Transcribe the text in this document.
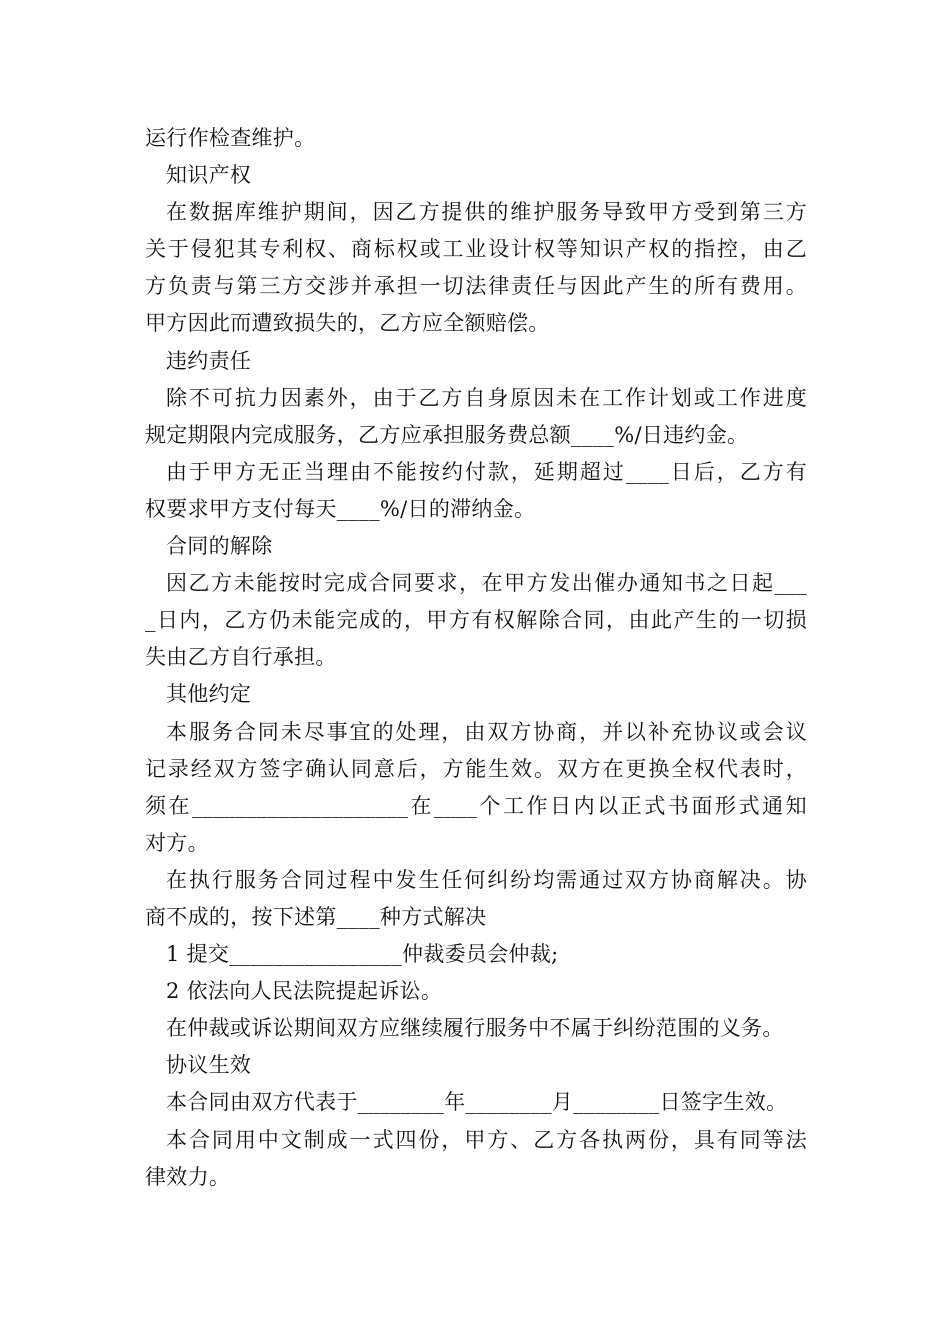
运行作检查维护。
知识产权
在数据库维护期间，因乙方提供的维护服务导致甲方受到第三方
关于侵犯其专利权、商标权或工业设计权等知识产权的指控，由乙
方负责与第三方交涉并承担一切法律责任与因此产生的所有费用。
甲方因此而遭致损失的，乙方应全额赔偿。
违约责任
除不可抗力因素外，由于乙方自身原因未在工作计划或工作进度
规定期限内完成服务，乙方应承担服务费总额____%/日违约金。
由于甲方无正当理由不能按约付款，延期超过____日后，乙方有
权要求甲方支付每天____%/日的滞纳金。
合同的解除
因乙方未能按时完成合同要求，在甲方发出催办通知书之日起___
_日内，乙方仍未能完成的，甲方有权解除合同，由此产生的一切损
失由乙方自行承担。
其他约定
本服务合同未尽事宜的处理，由双方协商，并以补充协议或会议
记录经双方签字确认同意后，方能生效。双方在更换全权代表时，
须在____________________在____个工作日内以正式书面形式通知
对方。
在执行服务合同过程中发生任何纠纷均需通过双方协商解决。协
商不成的，按下述第____种方式解决
1 提交________________仲裁委员会仲裁;
2 依法向人民法院提起诉讼。
在仲裁或诉讼期间双方应继续履行服务中不属于纠纷范围的义务。
协议生效
本合同由双方代表于________年________月________日签字生效。
本合同用中文制成一式四份，甲方、乙方各执两份，具有同等法
律效力。
